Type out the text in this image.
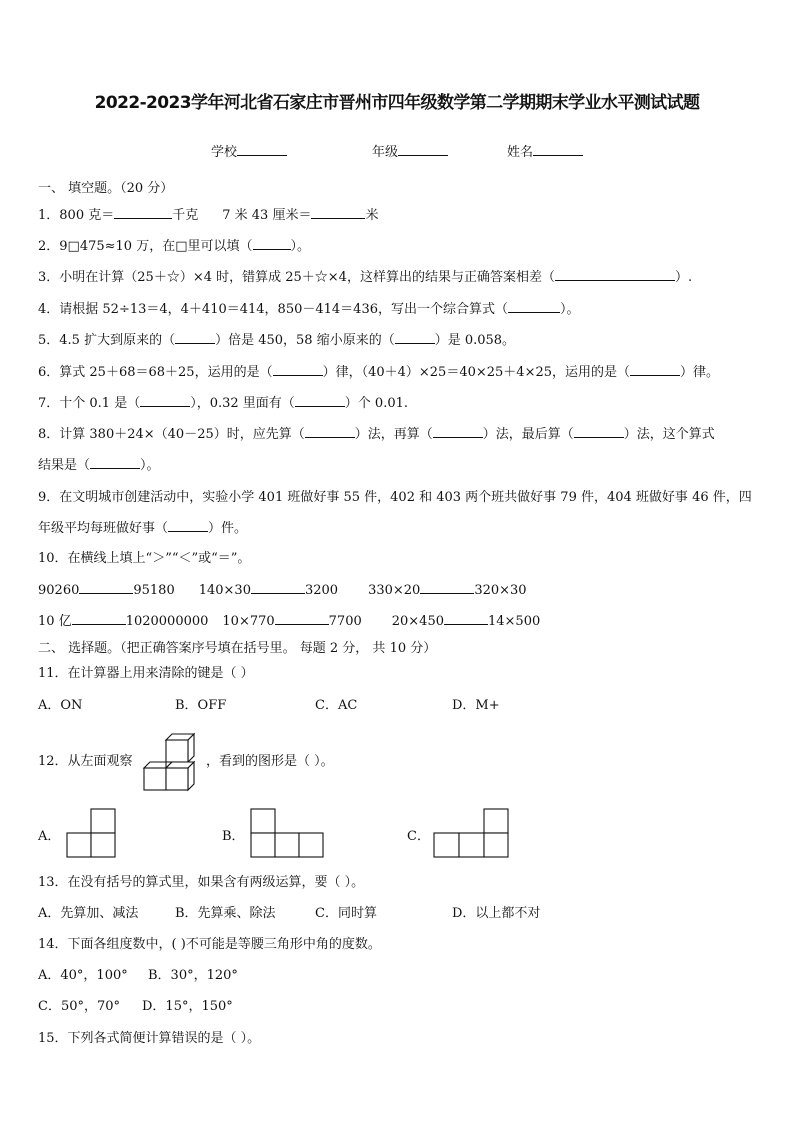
2022-2023学年河北省石家庄市晋州市四年级数学第二学期期末学业水平测试试题
学校	年级	姓名
一、 填空题。（20 分）
1．800 克＝	千克 7 米 43 厘米＝	米
2．9□475≈10 万，在□里可以填（	）。
3．小明在计算（25＋☆）×4 时，错算成 25＋☆×4，这样算出的结果与正确答案相差（	）.
4．请根据 52÷13＝4，4＋410＝414，850－414＝436，写出一个综合算式（	）。
5．4.5 扩大到原来的（	）倍是 450，58 缩小原来的（	）是 0.058。
6．算式 25＋68＝68＋25，运用的是（	）律，（40＋4）×25＝40×25＋4×25，运用的是（	）律。
7．十个 0.1 是（	），0.32 里面有（	）个 0.01.
8．计算 380＋24×（40－25）时，应先算（	）法，再算（	）法，最后算（	）法，这个算式
结果是（	）。
9．在文明城市创建活动中，实验小学 401 班做好事 55 件，402 和 403 两个班共做好事 79 件，404 班做好事 46 件，四
年级平均每班做好事（	）件。
10．在横线上填上“＞”“＜”或“＝”。
90260	95180 140×30	3200 330×20	320×30
10 亿	1020000000 10×770	7700 20×450	14×500
二、 选择题。（把正确答案序号填在括号里。 每题 2 分， 共 10 分）
11．在计算器上用来清除的键是（ ）
A．ON	B．OFF	C．AC	D．M+
12．从左面观察	，看到的图形是（ ）。
A．	B．	C．
13．在没有括号的算式里，如果含有两级运算，要（ ）。
A．先算加、减法	B．先算乘、除法	C．同时算	D．以上都不对
14．下面各组度数中，( )不可能是等腰三角形中角的度数。
A．40°，100° B．30°，120°
C．50°，70° D．15°，150°
15．下列各式简便计算错误的是（ ）。
